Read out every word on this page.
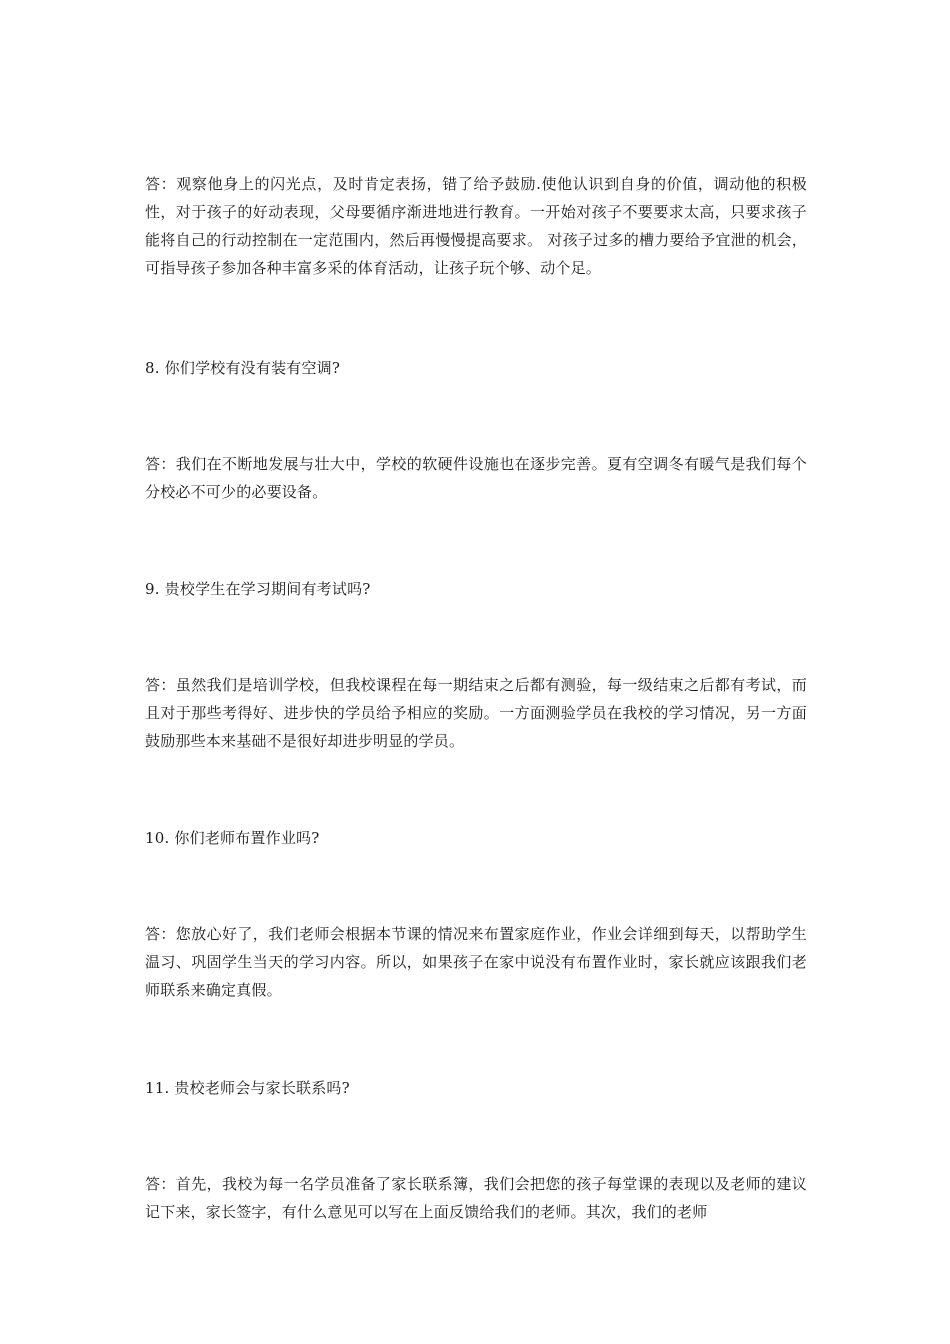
答：观察他身上的闪光点，及时肯定表扬，错了给予鼓励.使他认识到自身的价值，调动他的积极性，对于孩子的好动表现，父母要循序渐进地进行教育。一开始对孩子不要要求太高，只要求孩子能将自己的行动控制在一定范围内，然后再慢慢提高要求。 对孩子过多的槽力要给予宜泄的机会，可指导孩子参加各种丰富多采的体育活动，让孩子玩个够、动个足。

8. 你们学校有没有装有空调?

答：我们在不断地发展与壮大中，学校的软硬件设施也在逐步完善。夏有空调冬有暖气是我们每个分校必不可少的必要设备。

9. 贵校学生在学习期间有考试吗?

答：虽然我们是培训学校，但我校课程在每一期结束之后都有测验，每一级结束之后都有考试，而且对于那些考得好、进步快的学员给予相应的奖励。一方面测验学员在我校的学习情况，另一方面鼓励那些本来基础不是很好却进步明显的学员。

10. 你们老师布置作业吗?

答：您放心好了，我们老师会根据本节课的情况来布置家庭作业，作业会详细到每天，以帮助学生温习、巩固学生当天的学习内容。所以，如果孩子在家中说没有布置作业时，家长就应该跟我们老师联系来确定真假。

11. 贵校老师会与家长联系吗?

答：首先，我校为每一名学员准备了家长联系簿，我们会把您的孩子每堂课的表现以及老师的建议记下来，家长签字，有什么意见可以写在上面反馈给我们的老师。其次，我们的老师
